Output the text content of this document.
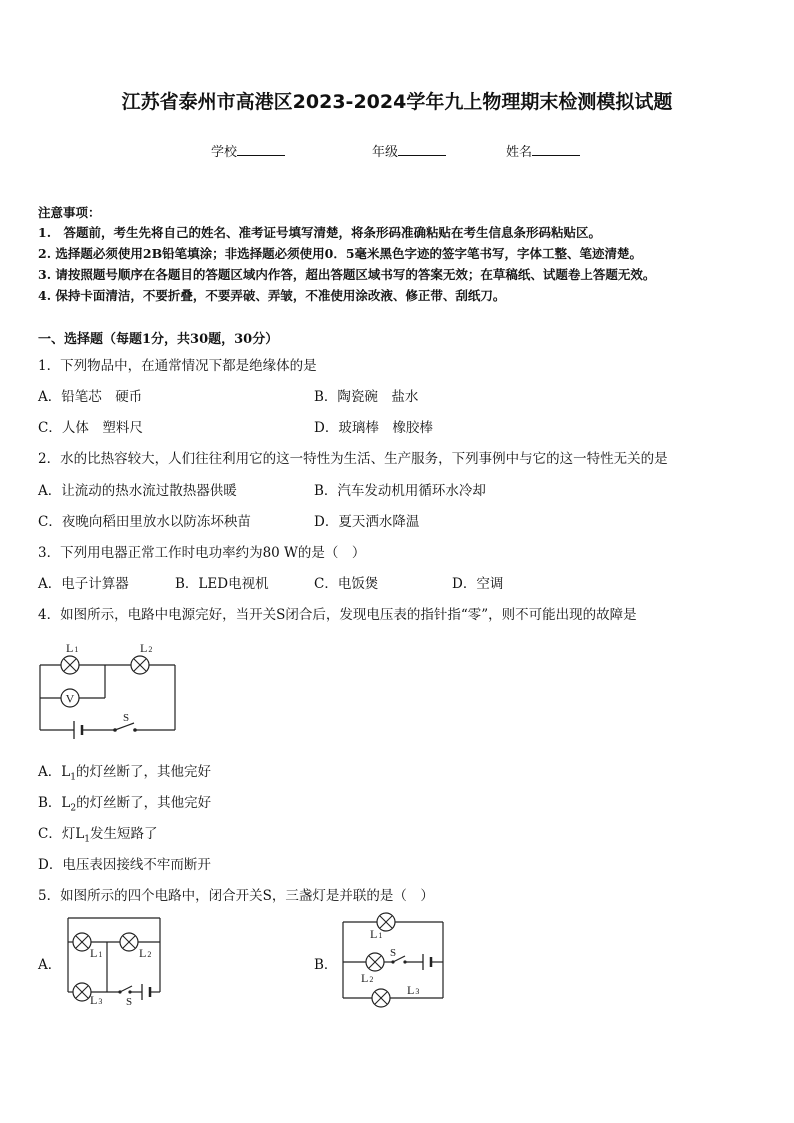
江苏省泰州市高港区2023-2024学年九上物理期末检测模拟试题
学校	年级	姓名
注意事项：
1.　答题前，考生先将自己的姓名、准考证号填写清楚，将条形码准确粘贴在考生信息条形码粘贴区。
2. 选择题必须使用2B铅笔填涂；非选择题必须使用0．5毫米黑色字迹的签字笔书写，字体工整、笔迹清楚。
3. 请按照题号顺序在各题目的答题区域内作答，超出答题区域书写的答案无效；在草稿纸、试题卷上答题无效。
4. 保持卡面清洁，不要折叠，不要弄破、弄皱，不准使用涂改液、修正带、刮纸刀。
一、选择题（每题1分，共30题，30分）
1．下列物品中，在通常情况下都是绝缘体的是
A．铅笔芯　硬币	B．陶瓷碗　盐水
C．人体　塑料尺	D．玻璃棒　橡胶棒
2．水的比热容较大，人们往往利用它的这一特性为生活、生产服务，下列事例中与它的这一特性无关的是
A．让流动的热水流过散热器供暖	B．汽车发动机用循环水冷却
C．夜晚向稻田里放水以防冻坏秧苗	D．夏天洒水降温
3．下列用电器正常工作时电功率约为80 W的是（　）
A．电子计算器	B．LED电视机	C．电饭煲	D．空调
4．如图所示，电路中电源完好，当开关S闭合后，发现电压表的指针指“零”，则不可能出现的故障是
V
L1	L2
S
A．$L_1$的灯丝断了，其他完好
B．$L_2$的灯丝断了，其他完好
C．灯$L_1$发生短路了
D．电压表因接线不牢而断开
5．如图所示的四个电路中，闭合开关S，三盏灯是并联的是（　）
A．
L1	L2
L3 S
B．
L1
S
L2
L3
